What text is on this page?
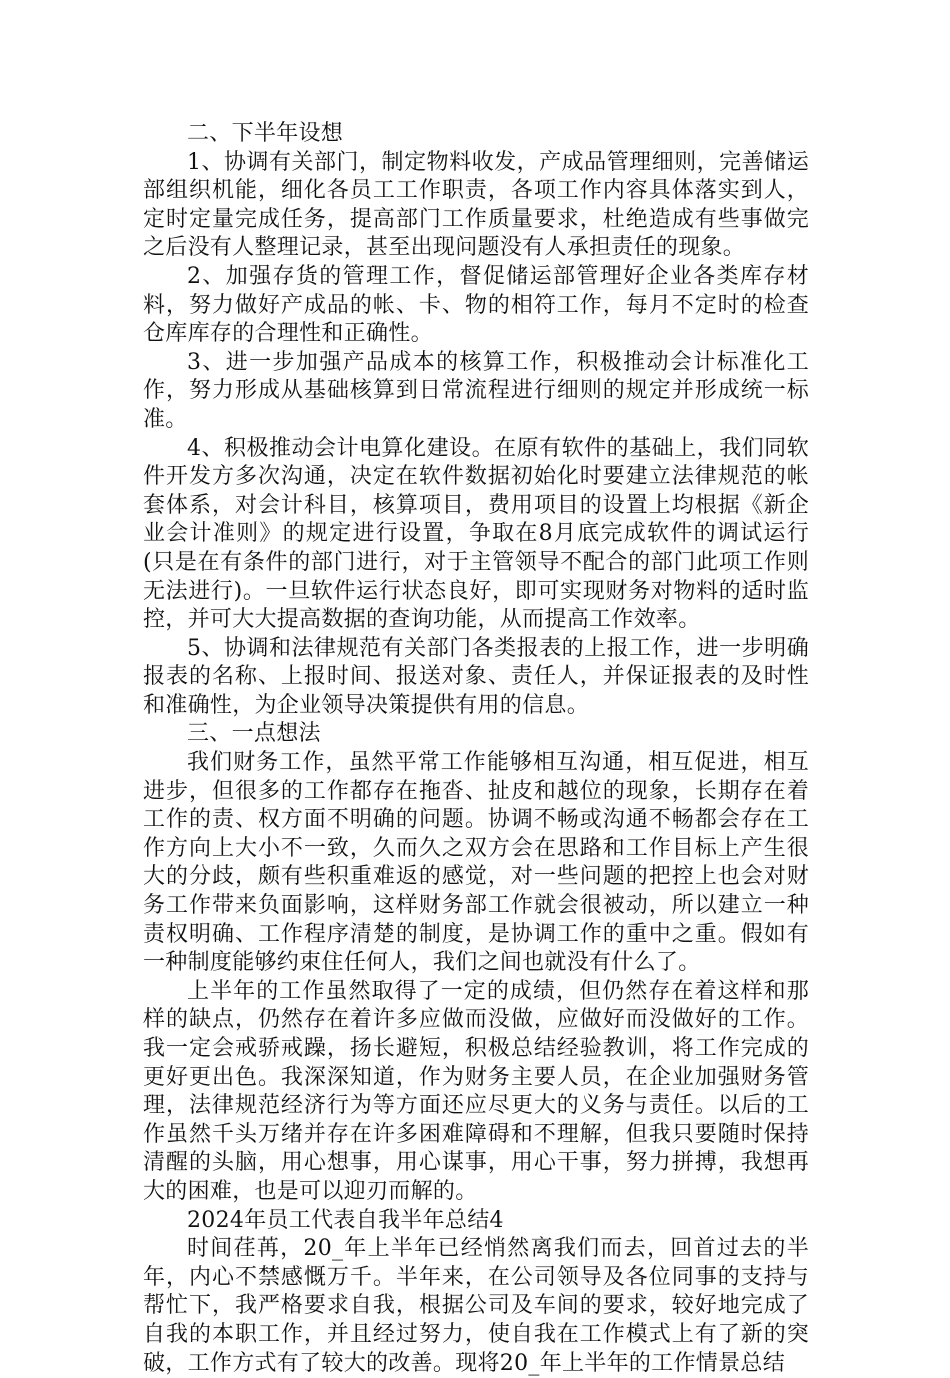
二、下半年设想

1、协调有关部门，制定物料收发，产成品管理细则，完善储运部组织机能，细化各员工工作职责，各项工作内容具体落实到人，定时定量完成任务，提高部门工作质量要求，杜绝造成有些事做完之后没有人整理记录，甚至出现问题没有人承担责任的现象。

2、加强存货的管理工作，督促储运部管理好企业各类库存材料，努力做好产成品的帐、卡、物的相符工作，每月不定时的检查仓库库存的合理性和正确性。

3、进一步加强产品成本的核算工作，积极推动会计标准化工作，努力形成从基础核算到日常流程进行细则的规定并形成统一标准。

4、积极推动会计电算化建设。在原有软件的基础上，我们同软件开发方多次沟通，决定在软件数据初始化时要建立法律规范的帐套体系，对会计科目，核算项目，费用项目的设置上均根据《新企业会计准则》的规定进行设置，争取在8月底完成软件的调试运行(只是在有条件的部门进行，对于主管领导不配合的部门此项工作则无法进行)。一旦软件运行状态良好，即可实现财务对物料的适时监控，并可大大提高数据的查询功能，从而提高工作效率。

5、协调和法律规范有关部门各类报表的上报工作，进一步明确报表的名称、上报时间、报送对象、责任人，并保证报表的及时性和准确性，为企业领导决策提供有用的信息。

三、一点想法

我们财务工作，虽然平常工作能够相互沟通，相互促进，相互进步，但很多的工作都存在拖沓、扯皮和越位的现象，长期存在着工作的责、权方面不明确的问题。协调不畅或沟通不畅都会存在工作方向上大小不一致，久而久之双方会在思路和工作目标上产生很大的分歧，颇有些积重难返的感觉，对一些问题的把控上也会对财务工作带来负面影响，这样财务部工作就会很被动，所以建立一种责权明确、工作程序清楚的制度，是协调工作的重中之重。假如有一种制度能够约束住任何人，我们之间也就没有什么了。

上半年的工作虽然取得了一定的成绩，但仍然存在着这样和那样的缺点，仍然存在着许多应做而没做，应做好而没做好的工作。我一定会戒骄戒躁，扬长避短，积极总结经验教训，将工作完成的更好更出色。我深深知道，作为财务主要人员，在企业加强财务管理，法律规范经济行为等方面还应尽更大的义务与责任。以后的工作虽然千头万绪并存在许多困难障碍和不理解，但我只要随时保持清醒的头脑，用心想事，用心谋事，用心干事，努力拼搏，我想再大的困难，也是可以迎刃而解的。

2024年员工代表自我半年总结4

时间荏苒，20_年上半年已经悄然离我们而去，回首过去的半年，内心不禁感慨万千。半年来，在公司领导及各位同事的支持与帮忙下，我严格要求自我，根据公司及车间的要求，较好地完成了自我的本职工作，并且经过努力，使自我在工作模式上有了新的突破，工作方式有了较大的改善。现将20_年上半年的工作情景总结
